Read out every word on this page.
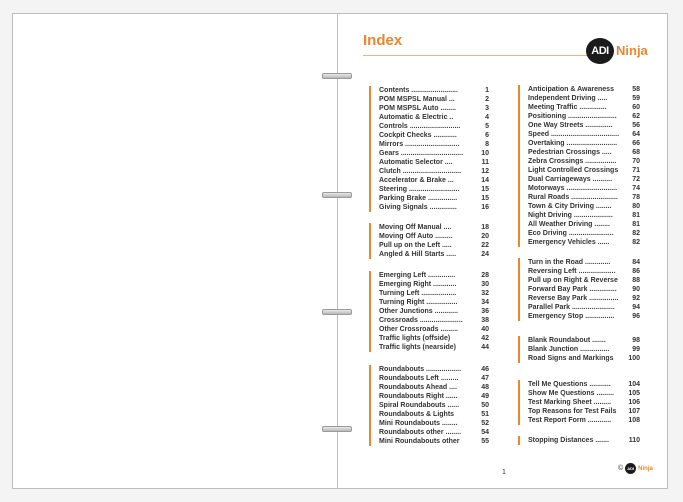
Index
ADI Ninja
Contents ........................	1
POM MSPSL Manual ...	2
POM MSPSL Auto ........	3
Automatic & Electric ..	4
Controls ..........................	5
Cockpit Checks ............	6
Mirrors ............................	8
Gears ................................	10
Automatic Selector ....	11
Clutch ..............................	12
Accelerator & Brake ...	14
Steering ..........................	15
Parking Brake ...............	15
Giving Signals ..............	16
Moving Off Manual ....	18
Moving Off Auto .........	20
Pull up on the Left .....	22
Angled & Hill Starts .....	24
Emerging Left ..............	28
Emerging Right ............	30
Turning Left ..................	32
Turning Right ................	34
Other Junctions ............	36
Crossroads ......................	38
Other Crossroads .........	40
Traffic lights (offside)	42
Traffic lights (nearside)	44
Roundabouts ..................	46
Roundabouts Left .........	47
Roundabouts Ahead ....	48
Roundabouts Right ......	49
Spiral Roundabouts ......	50
Roundabouts & Lights	51
Mini Roundabouts ........	52
Roundabouts other ........	54
Mini Roundabouts other	55
Anticipation & Awareness	58
Independent Driving .....	59
Meeting Traffic ..............	60
Positioning .........................	62
One Way Streets ..............	56
Speed ...................................	64
Overtaking ..........................	66
Pedestrian Crossings .....	68
Zebra Crossings ................	70
Light Controlled Crossings	71
Dual Carriageways ..........	72
Motorways ..........................	74
Rural Roads ........................	78
Town & City Driving ........	80
Night Driving ....................	81
All Weather Driving ........	81
Eco Driving .......................	82
Emergency Vehicles ......	82
Turn in the Road .............	84
Reversing Left ...................	86
Pull up on Right & Reverse	88
Forward Bay Park ..............	90
Reverse Bay Park ...............	92
Parallel Park ......................	94
Emergency Stop ...............	96
Blank Roundabout .......	98
Blank Junction ...............	99
Road Signs and Markings	100
Tell Me Questions ...........	104
Show Me Questions .........	105
Test Marking Sheet .........	106
Top Reasons for Test Fails	107
Test Report Form ............	108
Stopping Distances .......	110
1
©	ADI Ninja
